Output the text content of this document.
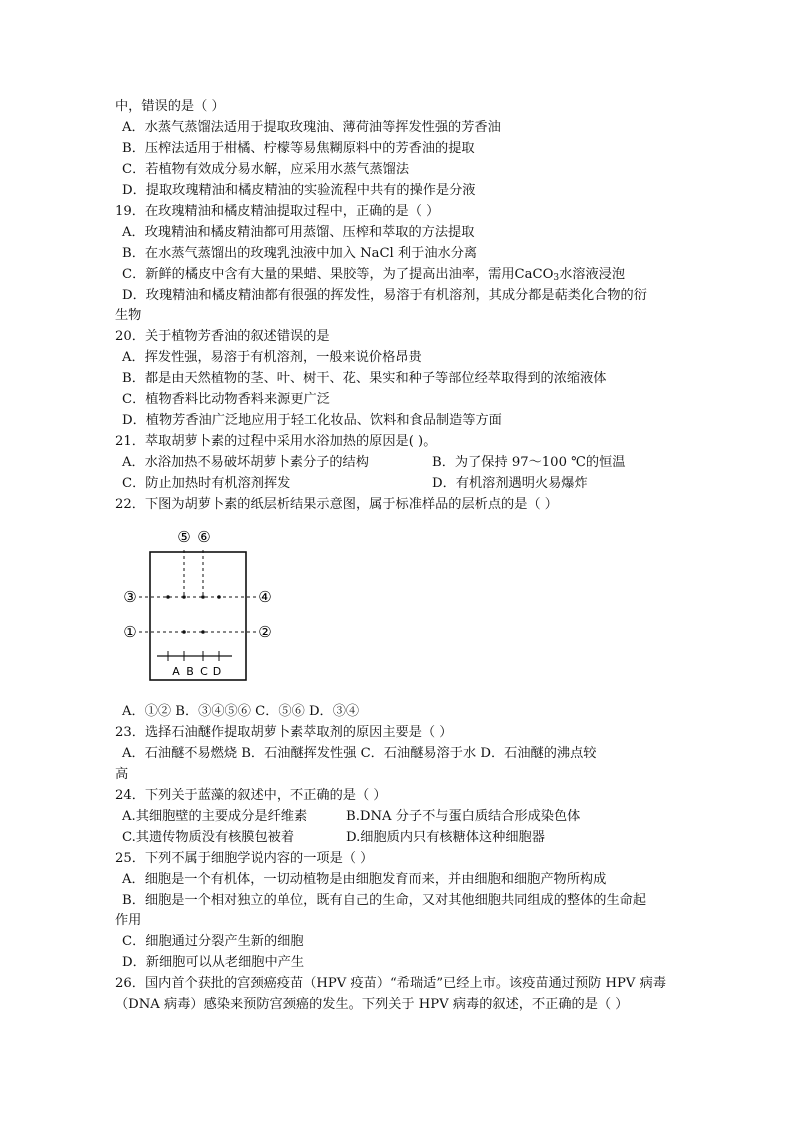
中，错误的是（ ）
A．水蒸气蒸馏法适用于提取玫瑰油、薄荷油等挥发性强的芳香油
B．压榨法适用于柑橘、柠檬等易焦糊原料中的芳香油的提取
C．若植物有效成分易水解，应采用水蒸气蒸馏法
D．提取玫瑰精油和橘皮精油的实验流程中共有的操作是分液
19．在玫瑰精油和橘皮精油提取过程中，正确的是（ ）
A．玫瑰精油和橘皮精油都可用蒸馏、压榨和萃取的方法提取
B．在水蒸气蒸馏出的玫瑰乳浊液中加入 NaCl 利于油水分离
C．新鲜的橘皮中含有大量的果蜡、果胶等，为了提高出油率，需用CaCO$_3$水溶液浸泡
D．玫瑰精油和橘皮精油都有很强的挥发性，易溶于有机溶剂，其成分都是萜类化合物的衍
生物
20．关于植物芳香油的叙述错误的是
A．挥发性强，易溶于有机溶剂，一般来说价格昂贵
B．都是由天然植物的茎、叶、树干、花、果实和种子等部位经萃取得到的浓缩液体
C．植物香料比动物香料来源更广泛
D．植物芳香油广泛地应用于轻工化妆品、饮料和食品制造等方面
21．萃取胡萝卜素的过程中采用水浴加热的原因是( )。
A．水浴加热不易破坏胡萝卜素分子的结构	B．为了保持 97～100 ℃的恒温
C．防止加热时有机溶剂挥发	D．有机溶剂遇明火易爆炸
22．下图为胡萝卜素的纸层析结果示意图，属于标准样品的层析点的是（ ）
⑤ ⑥
③	④
①	②
A B C D
A．①② B．③④⑤⑥ C．⑤⑥ D．③④
23．选择石油醚作提取胡萝卜素萃取剂的原因主要是（ ）
A．石油醚不易燃烧 B．石油醚挥发性强 C．石油醚易溶于水 D．石油醚的沸点较
高
24．下列关于蓝藻的叙述中，不正确的是（ ）
A.其细胞壁的主要成分是纤维素	B.DNA 分子不与蛋白质结合形成染色体
C.其遗传物质没有核膜包被着	D.细胞质内只有核糖体这种细胞器
25．下列不属于细胞学说内容的一项是（ ）
A．细胞是一个有机体，一切动植物是由细胞发育而来，并由细胞和细胞产物所构成
B．细胞是一个相对独立的单位，既有自己的生命，又对其他细胞共同组成的整体的生命起
作用
C．细胞通过分裂产生新的细胞
D．新细胞可以从老细胞中产生
26．国内首个获批的宫颈癌疫苗（HPV 疫苗）“希瑞适”已经上市。该疫苗通过预防 HPV 病毒
（DNA 病毒）感染来预防宫颈癌的发生。下列关于 HPV 病毒的叙述，不正确的是（ ）
